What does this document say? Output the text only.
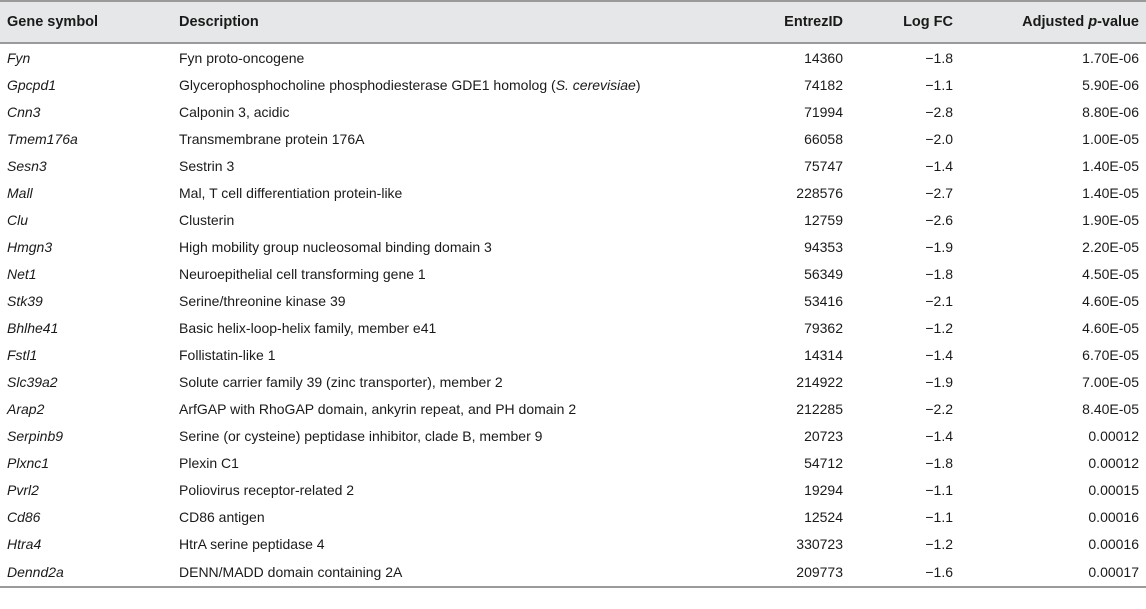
Gene symbol	Description	EntrezID	Log FC	Adjusted p-value
Fyn	Fyn proto-oncogene	14360	−1.8	1.70E-06
Gpcpd1	Glycerophosphocholine phosphodiesterase GDE1 homolog (S. cerevisiae)	74182	−1.1	5.90E-06
Cnn3	Calponin 3, acidic	71994	−2.8	8.80E-06
Tmem176a	Transmembrane protein 176A	66058	−2.0	1.00E-05
Sesn3	Sestrin 3	75747	−1.4	1.40E-05
Mall	Mal, T cell differentiation protein-like	228576	−2.7	1.40E-05
Clu	Clusterin	12759	−2.6	1.90E-05
Hmgn3	High mobility group nucleosomal binding domain 3	94353	−1.9	2.20E-05
Net1	Neuroepithelial cell transforming gene 1	56349	−1.8	4.50E-05
Stk39	Serine/threonine kinase 39	53416	−2.1	4.60E-05
Bhlhe41	Basic helix-loop-helix family, member e41	79362	−1.2	4.60E-05
Fstl1	Follistatin-like 1	14314	−1.4	6.70E-05
Slc39a2	Solute carrier family 39 (zinc transporter), member 2	214922	−1.9	7.00E-05
Arap2	ArfGAP with RhoGAP domain, ankyrin repeat, and PH domain 2	212285	−2.2	8.40E-05
Serpinb9	Serine (or cysteine) peptidase inhibitor, clade B, member 9	20723	−1.4	0.00012
Plxnc1	Plexin C1	54712	−1.8	0.00012
Pvrl2	Poliovirus receptor-related 2	19294	−1.1	0.00015
Cd86	CD86 antigen	12524	−1.1	0.00016
Htra4	HtrA serine peptidase 4	330723	−1.2	0.00016
Dennd2a	DENN/MADD domain containing 2A	209773	−1.6	0.00017
